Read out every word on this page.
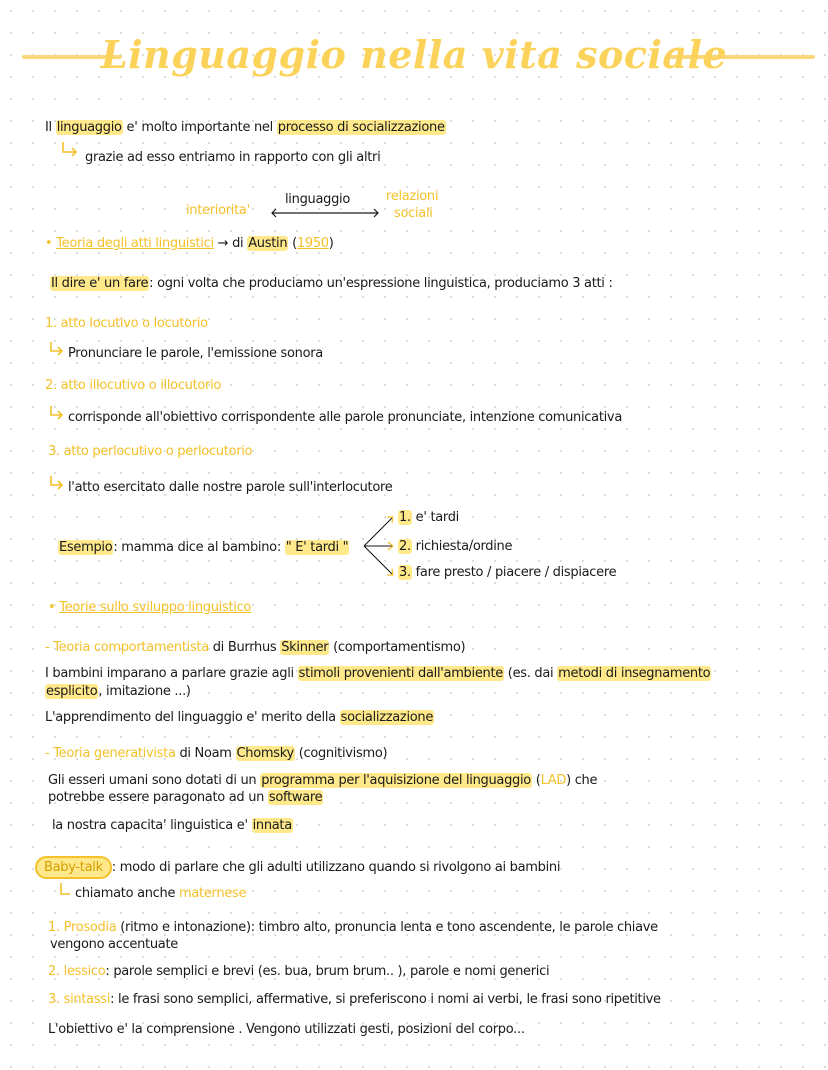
Linguaggio nella vita sociale
Il linguaggio e' molto importante nel processo di socializzazione
grazie ad esso entriamo in rapporto con gli altri
interiorita'
linguaggio	relazioni
sociali
• Teoria degli atti linguistici → di Austin (1950)
Il dire e' un fare: ogni volta che produciamo un'espressione linguistica, produciamo 3 atti :
1. atto locutivo o locutorio
Pronunciare le parole, l'emissione sonora
2. atto illocutivo o illocutorio
corrisponde all'obiettivo corrispondente alle parole pronunciate, intenzione comunicativa
3. atto perlocutivo o perlocutorio
l'atto esercitato dalle nostre parole sull'interlocutore
Esempio: mamma dice al bambino: " E' tardi "
1. e' tardi
2. richiesta/ordine
3. fare presto / piacere / dispiacere
• Teorie sullo sviluppo linguistico
- Teoria comportamentista di Burrhus Skinner (comportamentismo)
I bambini imparano a parlare grazie agli stimoli provenienti dall'ambiente (es. dai metodi di insegnamento
esplicito, imitazione ...)
L'apprendimento del linguaggio e' merito della socializzazione
- Teoria generativista di Noam Chomsky (cognitivismo)
Gli esseri umani sono dotati di un programma per l'aquisizione del linguaggio (LAD) che
potrebbe essere paragonato ad un software
la nostra capacita' linguistica e' innata
Baby-talk : modo di parlare che gli adulti utilizzano quando si rivolgono ai bambini
chiamato anche maternese
1. Prosodia (ritmo e intonazione): timbro alto, pronuncia lenta e tono ascendente, le parole chiave
vengono accentuate
2. lessico: parole semplici e brevi (es. bua, brum brum.. ), parole e nomi generici
3. sintassi: le frasi sono semplici, affermative, si preferiscono i nomi ai verbi, le frasi sono ripetitive
L'obiettivo e' la comprensione . Vengono utilizzati gesti, posizioni del corpo...
